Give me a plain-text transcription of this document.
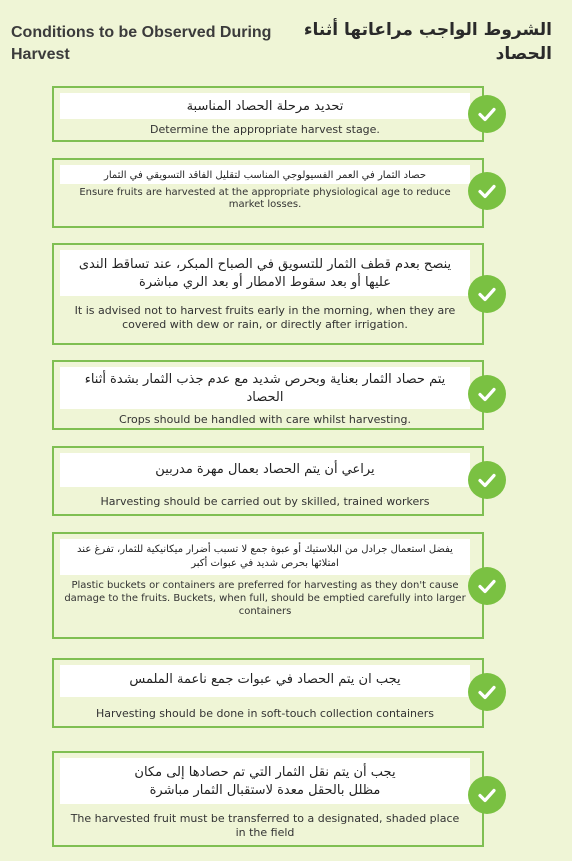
Conditions to be Observed During Harvest
الشروط الواجب مراعاتها أثناء الحصاد
تحديد مرحلة الحصاد المناسبة
Determine the appropriate harvest stage.
حصاد الثمار في العمر الفسيولوجي المناسب لتقليل الفاقد التسويقي في الثمار
Ensure fruits are harvested at the appropriate physiological age to reduce market losses.
ينصح بعدم قطف الثمار للتسويق في الصباح المبكر، عند تساقط الندى عليها أو بعد سقوط الامطار أو بعد الري مباشرة
It is advised not to harvest fruits early in the morning, when they are covered with dew or rain, or directly after irrigation.
يتم حصاد الثمار بعناية وبحرص شديد مع عدم جذب الثمار بشدة أثناء الحصاد
Crops should be handled with care whilst harvesting.
يراعي أن يتم الحصاد بعمال مهرة مدربين
Harvesting should be carried out by skilled, trained workers
يفضل استعمال جرادل من البلاستيك أو عبوة جمع لا تسبب أضرار ميكانيكية للثمار، تفرغ عند امتلائها بحرص شديد في عبوات أكبر
Plastic buckets or containers are preferred for harvesting as they don't cause damage to the fruits. Buckets, when full, should be emptied carefully into larger containers
يجب ان يتم الحصاد في عبوات جمع ناعمة الملمس
Harvesting should be done in soft-touch collection containers
يجب أن يتم نقل الثمار التي تم حصادها إلى مكان مظلل بالحقل معدة لاستقبال الثمار مباشرة
The harvested fruit must be transferred to a designated, shaded place in the field
